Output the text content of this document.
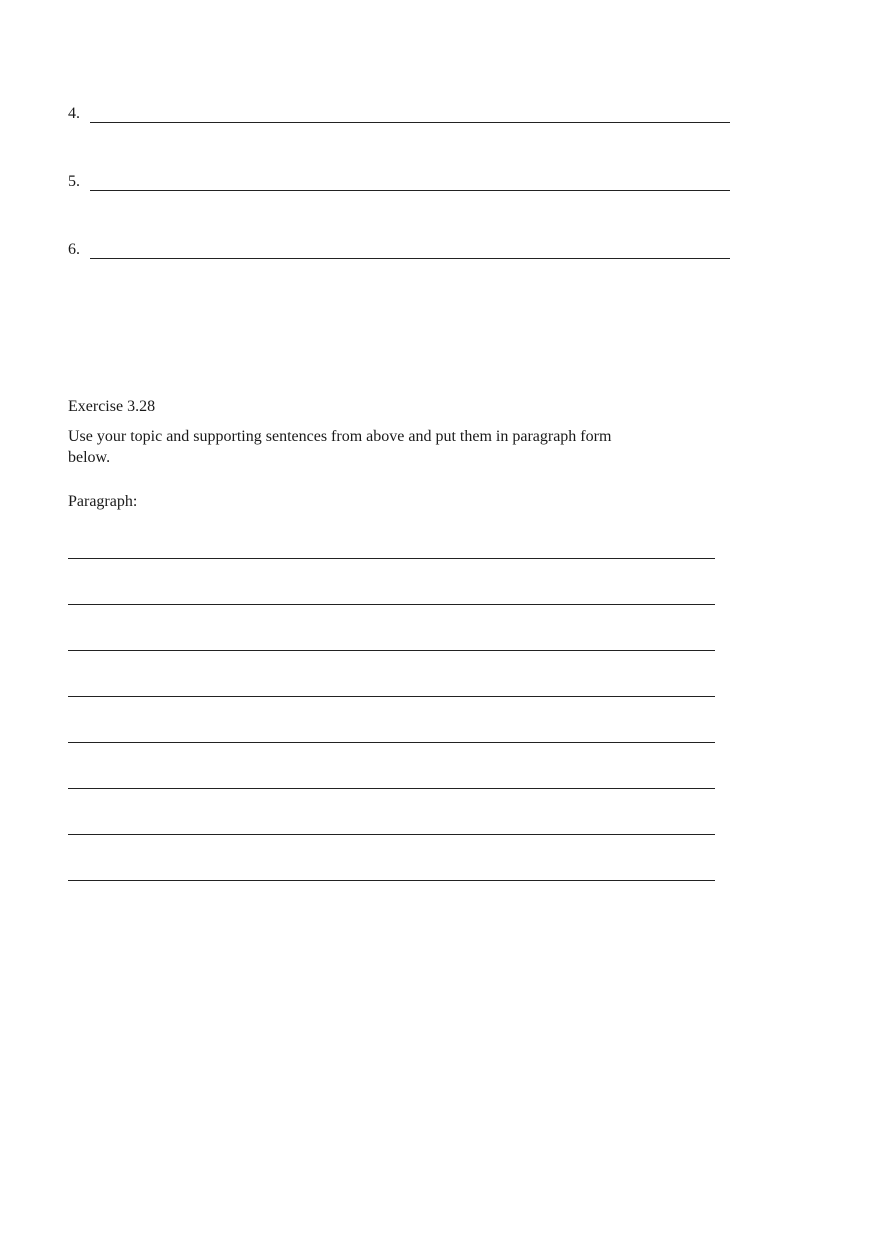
4.
5.
6.
Exercise 3.28
Use your topic and supporting sentences from above and put them in paragraph form below.
Paragraph:
